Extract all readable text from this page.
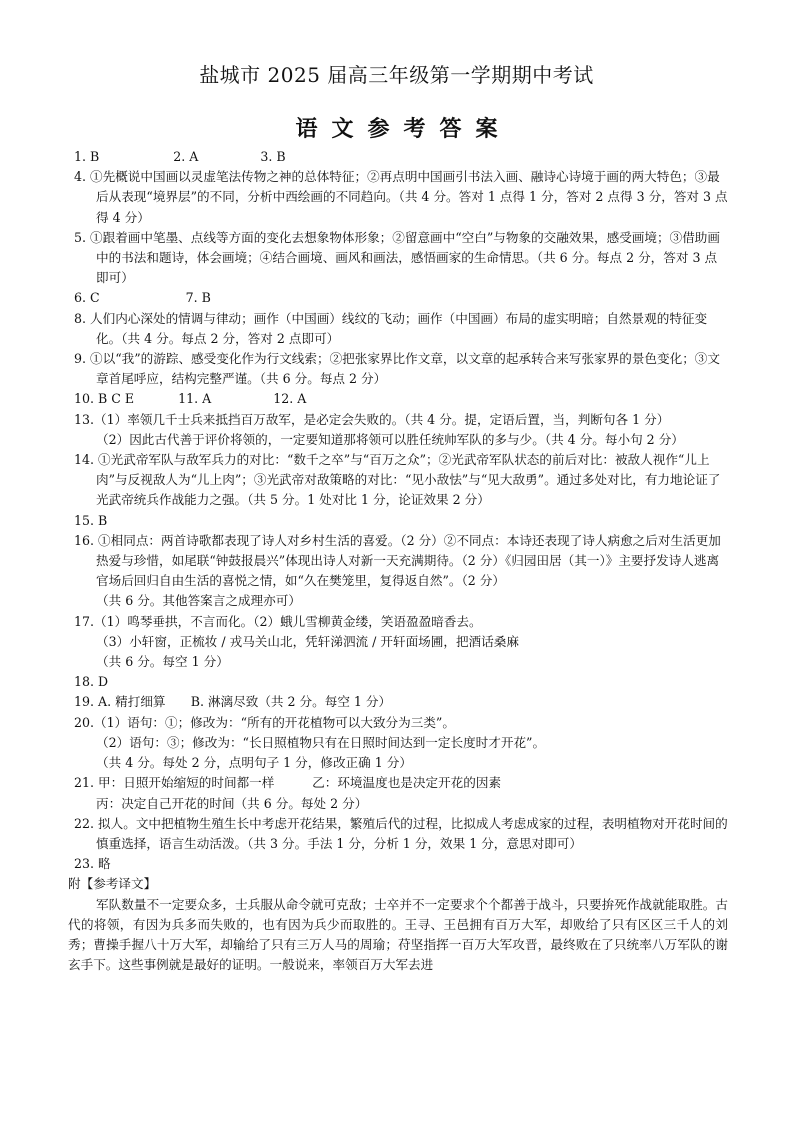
盐城市 2025 届高三年级第一学期期中考试
语文参考答案
1. B	2. A	3. B
4. ①先概说中国画以灵虚笔法传物之神的总体特征；②再点明中国画引书法入画、融诗心诗境于画的两大特色；③最后从表现“境界层”的不同，分析中西绘画的不同趋向。（共 4 分。答对 1 点得 1 分，答对 2 点得 3 分，答对 3 点得 4 分）
5. ①跟着画中笔墨、点线等方面的变化去想象物体形象；②留意画中“空白”与物象的交融效果，感受画境；③借助画中的书法和题诗，体会画境；④结合画境、画风和画法，感悟画家的生命情思。（共 6 分。每点 2 分，答对 3 点即可）
6. C	7. B
8. 人们内心深处的情调与律动；画作（中国画）线纹的飞动；画作（中国画）布局的虚实明暗；自然景观的特征变化。（共 4 分。每点 2 分，答对 2 点即可）
9. ①以“我”的游踪、感受变化作为行文线索；②把张家界比作文章，以文章的起承转合来写张家界的景色变化；③文章首尾呼应，结构完整严谨。（共 6 分。每点 2 分）
10. B C E	11. A	12. A
13.（1）率领几千士兵来抵挡百万敌军，是必定会失败的。（共 4 分。提，定语后置，当，判断句各 1 分）
（2）因此古代善于评价将领的，一定要知道那将领可以胜任统帅军队的多与少。（共 4 分。每小句 2 分）
14. ①光武帝军队与敌军兵力的对比：“数千之卒”与“百万之众”；②光武帝军队状态的前后对比：被敌人视作“儿上肉”与反视敌人为“儿上肉”；③光武帝对敌策略的对比：“见小敌怯”与“见大敌勇”。通过多处对比，有力地论证了光武帝统兵作战能力之强。（共 5 分。1 处对比 1 分，论证效果 2 分）
15. B
16. ①相同点：两首诗歌都表现了诗人对乡村生活的喜爱。（2 分）②不同点：本诗还表现了诗人病愈之后对生活更加热爱与珍惜，如尾联“钟鼓报晨兴”体现出诗人对新一天充满期待。（2 分）《归园田居（其一）》主要抒发诗人逃离官场后回归自由生活的喜悦之情，如“久在樊笼里，复得返自然”。（2 分）
（共 6 分。其他答案言之成理亦可）
17.（1）鸣琴垂拱，不言而化。（2）蛾儿雪柳黄金缕，笑语盈盈暗香去。
（3）小轩窗，正梳妆 / 戎马关山北，凭轩涕泗流 / 开轩面场圃，把酒话桑麻
（共 6 分。每空 1 分）
18. D
19. A. 精打细算　　B. 淋漓尽致（共 2 分。每空 1 分）
20.（1）语句：①；修改为：“所有的开花植物可以大致分为三类”。
（2）语句：③；修改为：“长日照植物只有在日照时间达到一定长度时才开花”。
（共 4 分。每处 2 分，点明句子 1 分，修改正确 1 分）
21. 甲：日照开始缩短的时间都一样　　　乙：环境温度也是决定开花的因素
丙：决定自己开花的时间（共 6 分。每处 2 分）
22. 拟人。文中把植物生殖生长中考虑开花结果，繁殖后代的过程，比拟成人考虑成家的过程，表明植物对开花时间的慎重选择，语言生动活泼。（共 3 分。手法 1 分，分析 1 分，效果 1 分，意思对即可）
23. 略
附【参考译文】
军队数量不一定要众多，士兵服从命令就可克敌；士卒并不一定要求个个都善于战斗，只要拚死作战就能取胜。古代的将领，有因为兵多而失败的，也有因为兵少而取胜的。王寻、王邑拥有百万大军，却败给了只有区区三千人的刘秀；曹操手握八十万大军，却输给了只有三万人马的周瑜；苻坚指挥一百万大军攻晋，最终败在了只统率八万军队的谢玄手下。这些事例就是最好的证明。一般说来，率领百万大军去进
